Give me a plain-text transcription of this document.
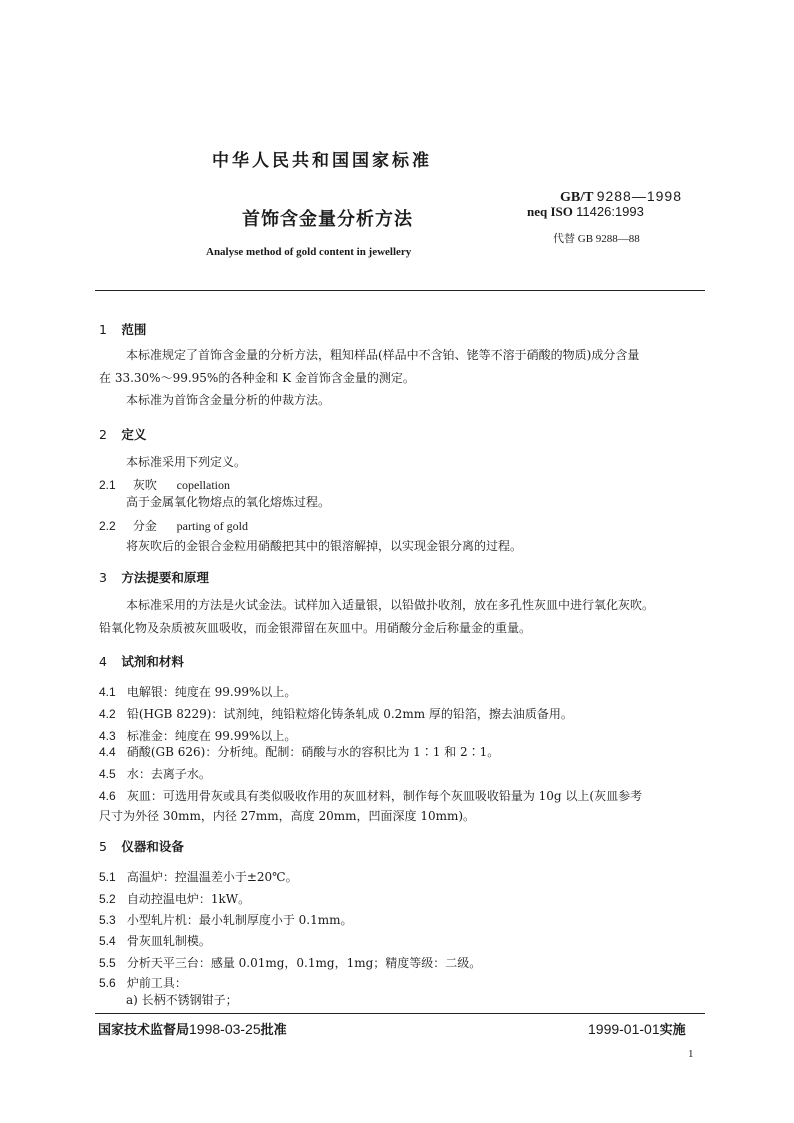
中华人民共和国国家标准
首饰含金量分析方法
Analyse method of gold content in jewellery
GB/T 9288—1998
neq ISO 11426:1993
代替 GB 9288—88
1 范围
本标准规定了首饰含金量的分析方法，粗知样品(样品中不含铂、铑等不溶于硝酸的物质)成分含量
在 33.30%～99.95%的各种金和 K 金首饰含金量的测定。
本标准为首饰含金量分析的仲裁方法。
2 定义
本标准采用下列定义。
2.1 灰吹 copellation
高于金属氧化物熔点的氧化熔炼过程。
2.2 分金 parting of gold
将灰吹后的金银合金粒用硝酸把其中的银溶解掉，以实现金银分离的过程。
3 方法提要和原理
本标准采用的方法是火试金法。试样加入适量银，以铅做扑收剂，放在多孔性灰皿中进行氧化灰吹。
铅氧化物及杂质被灰皿吸收，而金银滞留在灰皿中。用硝酸分金后称量金的重量。
4 试剂和材料
4.1 电解银：纯度在 99.99%以上。
4.2 铅(HGB 8229)：试剂纯，纯铅粒熔化铸条轧成 0.2mm 厚的铅箔，擦去油质备用。
4.3 标准金：纯度在 99.99%以上。
4.4 硝酸(GB 626)：分析纯。配制：硝酸与水的容积比为 1∶1 和 2∶1。
4.5 水：去离子水。
4.6 灰皿：可选用骨灰或具有类似吸收作用的灰皿材料，制作每个灰皿吸收铅量为 10g 以上(灰皿参考
尺寸为外径 30mm，内径 27mm，高度 20mm，凹面深度 10mm)。
5 仪器和设备
5.1 高温炉：控温温差小于±20℃。
5.2 自动控温电炉：1kW。
5.3 小型轧片机：最小轧制厚度小于 0.1mm。
5.4 骨灰皿轧制模。
5.5 分析天平三台：感量 0.01mg，0.1mg，1mg；精度等级：二级。
5.6 炉前工具：
a) 长柄不锈钢钳子；
国家技术监督局1998-03-25批准	1999-01-01实施
1
